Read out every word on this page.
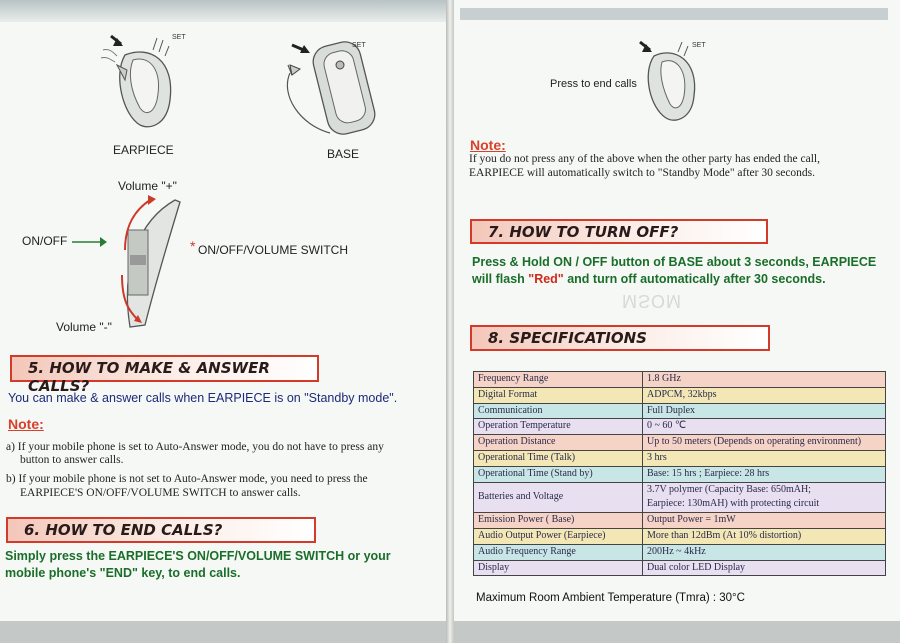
SET
EARPIECE
SET
BASE
Volume "+"
ON/OFF	* ON/OFF/VOLUME SWITCH
Volume "-"
5. HOW TO MAKE & ANSWER CALLS?
You can make & answer calls when EARPIECE is on "Standby mode".
Note:
a) If your mobile phone is set to Auto-Answer mode, you do not have to press any
button to answer calls.
b) If your mobile phone is not set to Auto-Answer mode, you need to press the
EARPIECE'S ON/OFF/VOLUME SWITCH to answer calls.
6. HOW TO END CALLS?
Simply press the EARPIECE'S ON/OFF/VOLUME SWITCH or your
mobile phone's "END" key, to end calls.
SET
Press to end calls
Note:
If you do not press any of the above when the other party has ended the call,
EARPIECE will automatically switch to "Standby Mode" after 30 seconds.
7. HOW TO TURN OFF?
Press & Hold ON / OFF button of BASE about 3 seconds, EARPIECE
will flash "Red" and turn off automatically after 30 seconds.
MSOM
8. SPECIFICATIONS
Frequency Range	1.8 GHz
Digital Format	ADPCM, 32kbps
Communication	Full Duplex
Operation Temperature	0 ~ 60 ℃
Operation Distance	Up to 50 meters (Depends on operating environment)
Operational Time (Talk)	3 hrs
Operational Time (Stand by)	Base: 15 hrs ; Earpiece: 28 hrs
Batteries and Voltage	3.7V polymer (Capacity Base: 650mAH;
Earpiece: 130mAH) with protecting circuit

Emission Power ( Base)	Output Power = 1mW
Audio Output Power (Earpiece)	More than 12dBm (At 10% distortion)
Audio Frequency Range	200Hz ~ 4kHz
Display	Dual color LED Display
Maximum Room Ambient Temperature (Tmra) : 30°C
